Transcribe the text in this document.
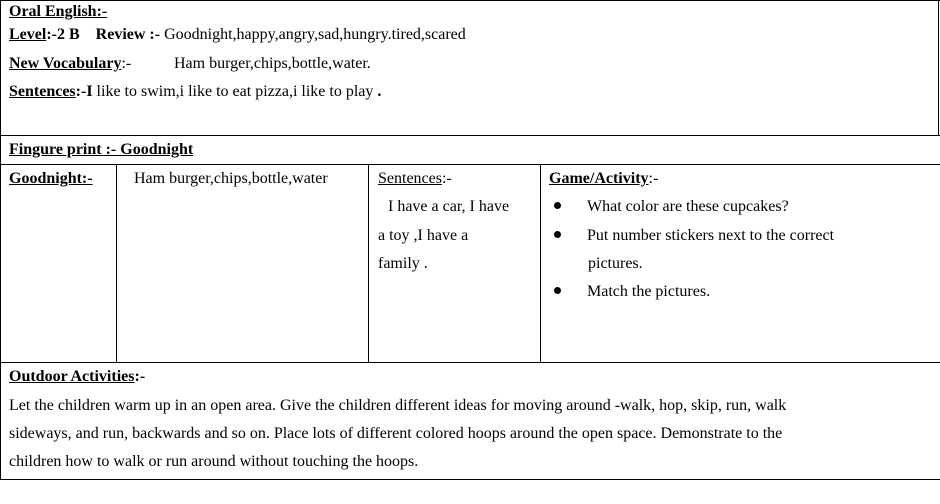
Oral English:-
Level:-2 B Review :- Goodnight,happy,angry,sad,hungry.tired,scared
New Vocabulary:-	Ham burger,chips,bottle,water.
Sentences:-I like to swim,i like to eat pizza,i like to play .
Fingure print :- Goodnight
Goodnight:-	Ham burger,chips,bottle,water	Sentences:-
I have a car, I have
a toy ,I have a
family .
Game/Activity:-
What color are these cupcakes?
Put number stickers next to the correct
pictures.
Match the pictures.
Outdoor Activities:-
Let the children warm up in an open area. Give the children different ideas for moving around -walk, hop, skip, run, walk
sideways, and run, backwards and so on. Place lots of different colored hoops around the open space. Demonstrate to the
children how to walk or run around without touching the hoops.
